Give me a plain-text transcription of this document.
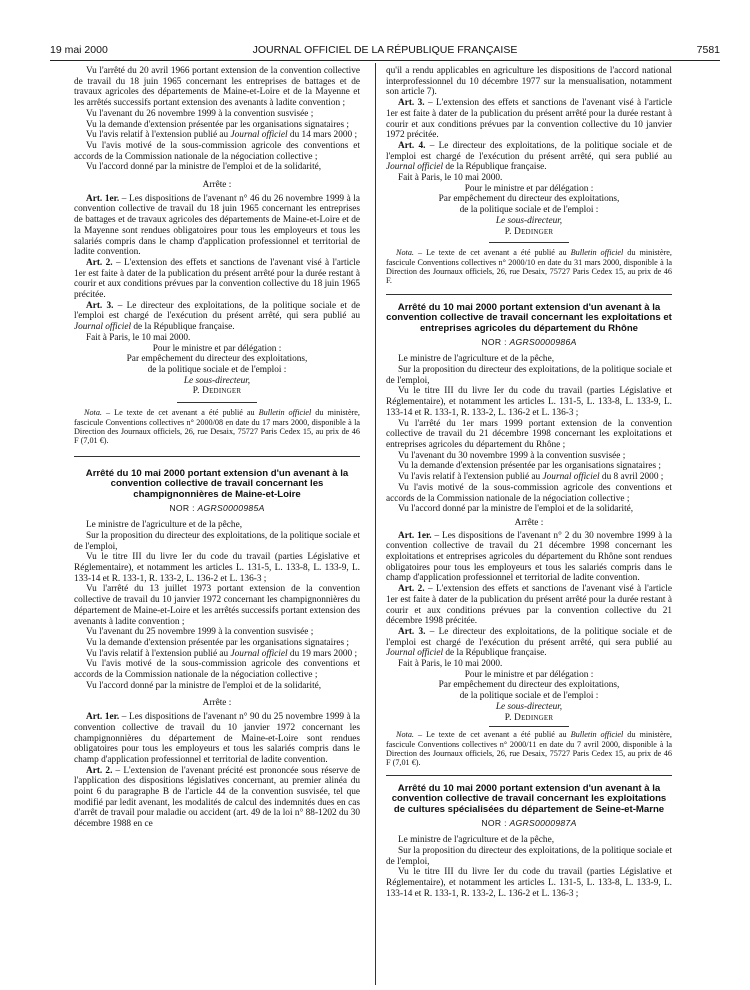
19 mai 2000	JOURNAL OFFICIEL DE LA RÉPUBLIQUE FRANÇAISE	7581

Vu l'arrêté du 20 avril 1966 portant extension de la convention collective de travail du 18 juin 1965 concernant les entreprises de battages et de travaux agricoles des départements de Maine-et-Loire et de la Mayenne et les arrêtés successifs portant extension des avenants à ladite convention ;

Vu l'avenant du 26 novembre 1999 à la convention susvisée ;

Vu la demande d'extension présentée par les organisations signataires ;

Vu l'avis relatif à l'extension publié au Journal officiel du 14 mars 2000 ;

Vu l'avis motivé de la sous-commission agricole des conventions et accords de la Commission nationale de la négociation collective ;

Vu l'accord donné par la ministre de l'emploi et de la solidarité,

Arrête :

Art. 1er. – Les dispositions de l'avenant n° 46 du 26 novembre 1999 à la convention collective de travail du 18 juin 1965 concernant les entreprises de battages et de travaux agricoles des départements de Maine-et-Loire et de la Mayenne sont rendues obligatoires pour tous les employeurs et tous les salariés compris dans le champ d'application professionnel et territorial de ladite convention.

Art. 2. – L'extension des effets et sanctions de l'avenant visé à l'article 1er est faite à dater de la publication du présent arrêté pour la durée restant à courir et aux conditions prévues par la convention collective du 18 juin 1965 précitée.

Art. 3. – Le directeur des exploitations, de la politique sociale et de l'emploi est chargé de l'exécution du présent arrêté, qui sera publié au Journal officiel de la République française.

Fait à Paris, le 10 mai 2000.

Pour le ministre et par délégation :

Par empêchement du directeur des exploitations,

de la politique sociale et de l'emploi :

Le sous-directeur,

P. Dedinger

Nota. – Le texte de cet avenant a été publié au Bulletin officiel du ministère, fascicule Conventions collectives n° 2000/08 en date du 17 mars 2000, disponible à la Direction des Journaux officiels, 26, rue Desaix, 75727 Paris Cedex 15, au prix de 46 F (7,01 €).

Arrêté du 10 mai 2000 portant extension d'un avenant à la convention collective de travail concernant les champignonnières de Maine-et-Loire

NOR : AGRS0000985A

Le ministre de l'agriculture et de la pêche,

Sur la proposition du directeur des exploitations, de la politique sociale et de l'emploi,

Vu le titre III du livre Ier du code du travail (parties Législative et Réglementaire), et notamment les articles L. 131-5, L. 133-8, L. 133-9, L. 133-14 et R. 133-1, R. 133-2, L. 136-2 et L. 136-3 ;

Vu l'arrêté du 13 juillet 1973 portant extension de la convention collective de travail du 10 janvier 1972 concernant les champignonnières du département de Maine-et-Loire et les arrêtés successifs portant extension des avenants à ladite convention ;

Vu l'avenant du 25 novembre 1999 à la convention susvisée ;

Vu la demande d'extension présentée par les organisations signataires ;

Vu l'avis relatif à l'extension publié au Journal officiel du 19 mars 2000 ;

Vu l'avis motivé de la sous-commission agricole des conventions et accords de la Commission nationale de la négociation collective ;

Vu l'accord donné par la ministre de l'emploi et de la solidarité,

Arrête :

Art. 1er. – Les dispositions de l'avenant n° 90 du 25 novembre 1999 à la convention collective de travail du 10 janvier 1972 concernant les champignonnières du département de Maine-et-Loire sont rendues obligatoires pour tous les employeurs et tous les salariés compris dans le champ d'application professionnel et territorial de ladite convention.

Art. 2. – L'extension de l'avenant précité est prononcée sous réserve de l'application des dispositions législatives concernant, au premier alinéa du point 6 du paragraphe B de l'article 44 de la convention susvisée, tel que modifié par ledit avenant, les modalités de calcul des indemnités dues en cas d'arrêt de travail pour maladie ou accident (art. 49 de la loi n° 88-1202 du 30 décembre 1988 en ce

qu'il a rendu applicables en agriculture les dispositions de l'accord national interprofessionnel du 10 décembre 1977 sur la mensualisation, notamment son article 7).

Art. 3. – L'extension des effets et sanctions de l'avenant visé à l'article 1er est faite à dater de la publication du présent arrêté pour la durée restant à courir et aux conditions prévues par la convention collective du 10 janvier 1972 précitée.

Art. 4. – Le directeur des exploitations, de la politique sociale et de l'emploi est chargé de l'exécution du présent arrêté, qui sera publié au Journal officiel de la République française.

Fait à Paris, le 10 mai 2000.

Pour le ministre et par délégation :

Par empêchement du directeur des exploitations,

de la politique sociale et de l'emploi :

Le sous-directeur,

P. Dedinger

Nota. – Le texte de cet avenant a été publié au Bulletin officiel du ministère, fascicule Conventions collectives n° 2000/10 en date du 31 mars 2000, disponible à la Direction des Journaux officiels, 26, rue Desaix, 75727 Paris Cedex 15, au prix de 46 F.

Arrêté du 10 mai 2000 portant extension d'un avenant à la convention collective de travail concernant les exploitations et entreprises agricoles du département du Rhône

NOR : AGRS0000986A

Le ministre de l'agriculture et de la pêche,

Sur la proposition du directeur des exploitations, de la politique sociale et de l'emploi,

Vu le titre III du livre Ier du code du travail (parties Législative et Réglementaire), et notamment les articles L. 131-5, L. 133-8, L. 133-9, L. 133-14 et R. 133-1, R. 133-2, L. 136-2 et L. 136-3 ;

Vu l'arrêté du 1er mars 1999 portant extension de la convention collective de travail du 21 décembre 1998 concernant les exploitations et entreprises agricoles du département du Rhône ;

Vu l'avenant du 30 novembre 1999 à la convention susvisée ;

Vu la demande d'extension présentée par les organisations signataires ;

Vu l'avis relatif à l'extension publié au Journal officiel du 8 avril 2000 ;

Vu l'avis motivé de la sous-commission agricole des conventions et accords de la Commission nationale de la négociation collective ;

Vu l'accord donné par la ministre de l'emploi et de la solidarité,

Arrête :

Art. 1er. – Les dispositions de l'avenant n° 2 du 30 novembre 1999 à la convention collective de travail du 21 décembre 1998 concernant les exploitations et entreprises agricoles du département du Rhône sont rendues obligatoires pour tous les employeurs et tous les salariés compris dans le champ d'application professionnel et territorial de ladite convention.

Art. 2. – L'extension des effets et sanctions de l'avenant visé à l'article 1er est faite à dater de la publication du présent arrêté pour la durée restant à courir et aux conditions prévues par la convention collective du 21 décembre 1998 précitée.

Art. 3. – Le directeur des exploitations, de la politique sociale et de l'emploi est chargé de l'exécution du présent arrêté, qui sera publié au Journal officiel de la République française.

Fait à Paris, le 10 mai 2000.

Pour le ministre et par délégation :

Par empêchement du directeur des exploitations,

de la politique sociale et de l'emploi :

Le sous-directeur,

P. Dedinger

Nota. – Le texte de cet avenant a été publié au Bulletin officiel du ministère, fascicule Conventions collectives n° 2000/11 en date du 7 avril 2000, disponible à la Direction des Journaux officiels, 26, rue Desaix, 75727 Paris Cedex 15, au prix de 46 F (7,01 €).

Arrêté du 10 mai 2000 portant extension d'un avenant à la convention collective de travail concernant les exploitations de cultures spécialisées du département de Seine-et-Marne

NOR : AGRS0000987A

Le ministre de l'agriculture et de la pêche,

Sur la proposition du directeur des exploitations, de la politique sociale et de l'emploi,

Vu le titre III du livre Ier du code du travail (parties Législative et Réglementaire), et notamment les articles L. 131-5, L. 133-8, L. 133-9, L. 133-14 et R. 133-1, R. 133-2, L. 136-2 et L. 136-3 ;
